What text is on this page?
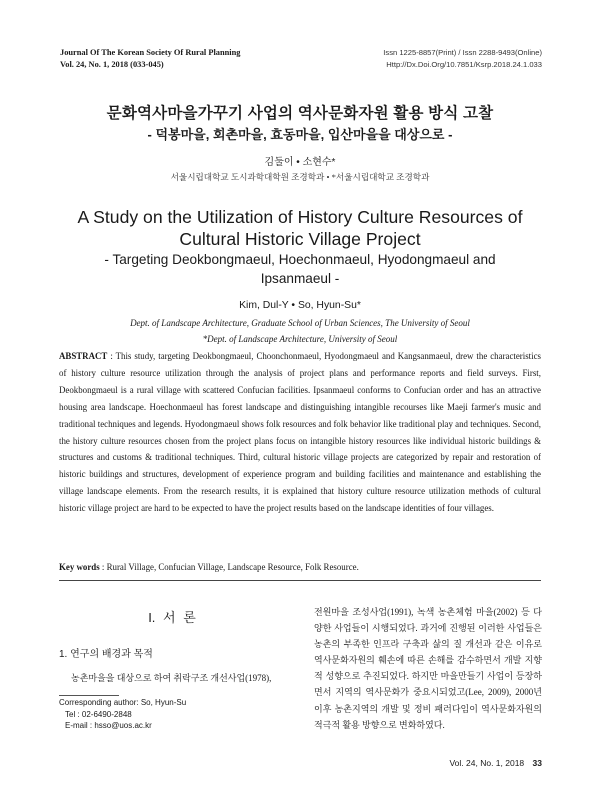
Journal Of The Korean Society Of Rural Planning
Vol. 24, No. 1, 2018 (033-045)
Issn 1225-8857(Print) / Issn 2288-9493(Online)
Http://Dx.Doi.Org/10.7851/Ksrp.2018.24.1.033
문화역사마을가꾸기 사업의 역사문화자원 활용 방식 고찰
- 덕봉마을, 회촌마을, 효동마을, 입산마을을 대상으로 -
김둘이 • 소현수*
서울시립대학교 도시과학대학원 조경학과 • *서울시립대학교 조경학과
A Study on the Utilization of History Culture Resources of
Cultural Historic Village Project
- Targeting Deokbongmaeul, Hoechonmaeul, Hyodongmaeul and Ipsanmaeul -
Kim, Dul-Y • So, Hyun-Su*
Dept. of Landscape Architecture, Graduate School of Urban Sciences, The University of Seoul
*Dept. of Landscape Architecture, University of Seoul
ABSTRACT : This study, targeting Deokbongmaeul, Choonchonmaeul, Hyodongmaeul and Kangsanmaeul, drew the characteristics of history culture resource utilization through the analysis of project plans and performance reports and field surveys. First, Deokbongmaeul is a rural village with scattered Confucian facilities. Ipsanmaeul conforms to Confucian order and has an attractive housing area landscape. Hoechonmaeul has forest landscape and distinguishing intangible recourses like Maeji farmer's music and traditional techniques and legends. Hyodongmaeul shows folk resources and folk behavior like traditional play and techniques. Second, the history culture resources chosen from the project plans focus on intangible history resources like individual historic buildings & structures and customs & traditional techniques. Third, cultural historic village projects are categorized by repair and restoration of historic buildings and structures, development of experience program and building facilities and maintenance and establishing the village landscape elements. From the research results, it is explained that history culture resource utilization methods of cultural historic village project are hard to be expected to have the project results based on the landscape identities of four villages.
Key words : Rural Village, Confucian Village, Landscape Resource, Folk Resource.
I. 서 론
1. 연구의 배경과 목적
농촌마을을 대상으로 하여 취락구조 개선사업(1978),
Corresponding author: So, Hyun-Su
Tel : 02-6490-2848
E-mail : hsso@uos.ac.kr
전원마을 조성사업(1991), 녹색 농촌체험 마을(2002) 등 다양한 사업들이 시행되었다. 과거에 진행된 이러한 사업들은 농촌의 부족한 인프라 구축과 삶의 질 개선과 같은 이유로 역사문화자원의 훼손에 따른 손해를 감수하면서 개발 지향적 성향으로 추진되었다. 하지만 마을만들기 사업이 등장하면서 지역의 역사문화가 중요시되었고(Lee, 2009), 2000년 이후 농촌지역의 개발 및 정비 패러다임이 역사문화자원의 적극적 활용 방향으로 변화하였다.
Vol. 24, No. 1, 2018 33
